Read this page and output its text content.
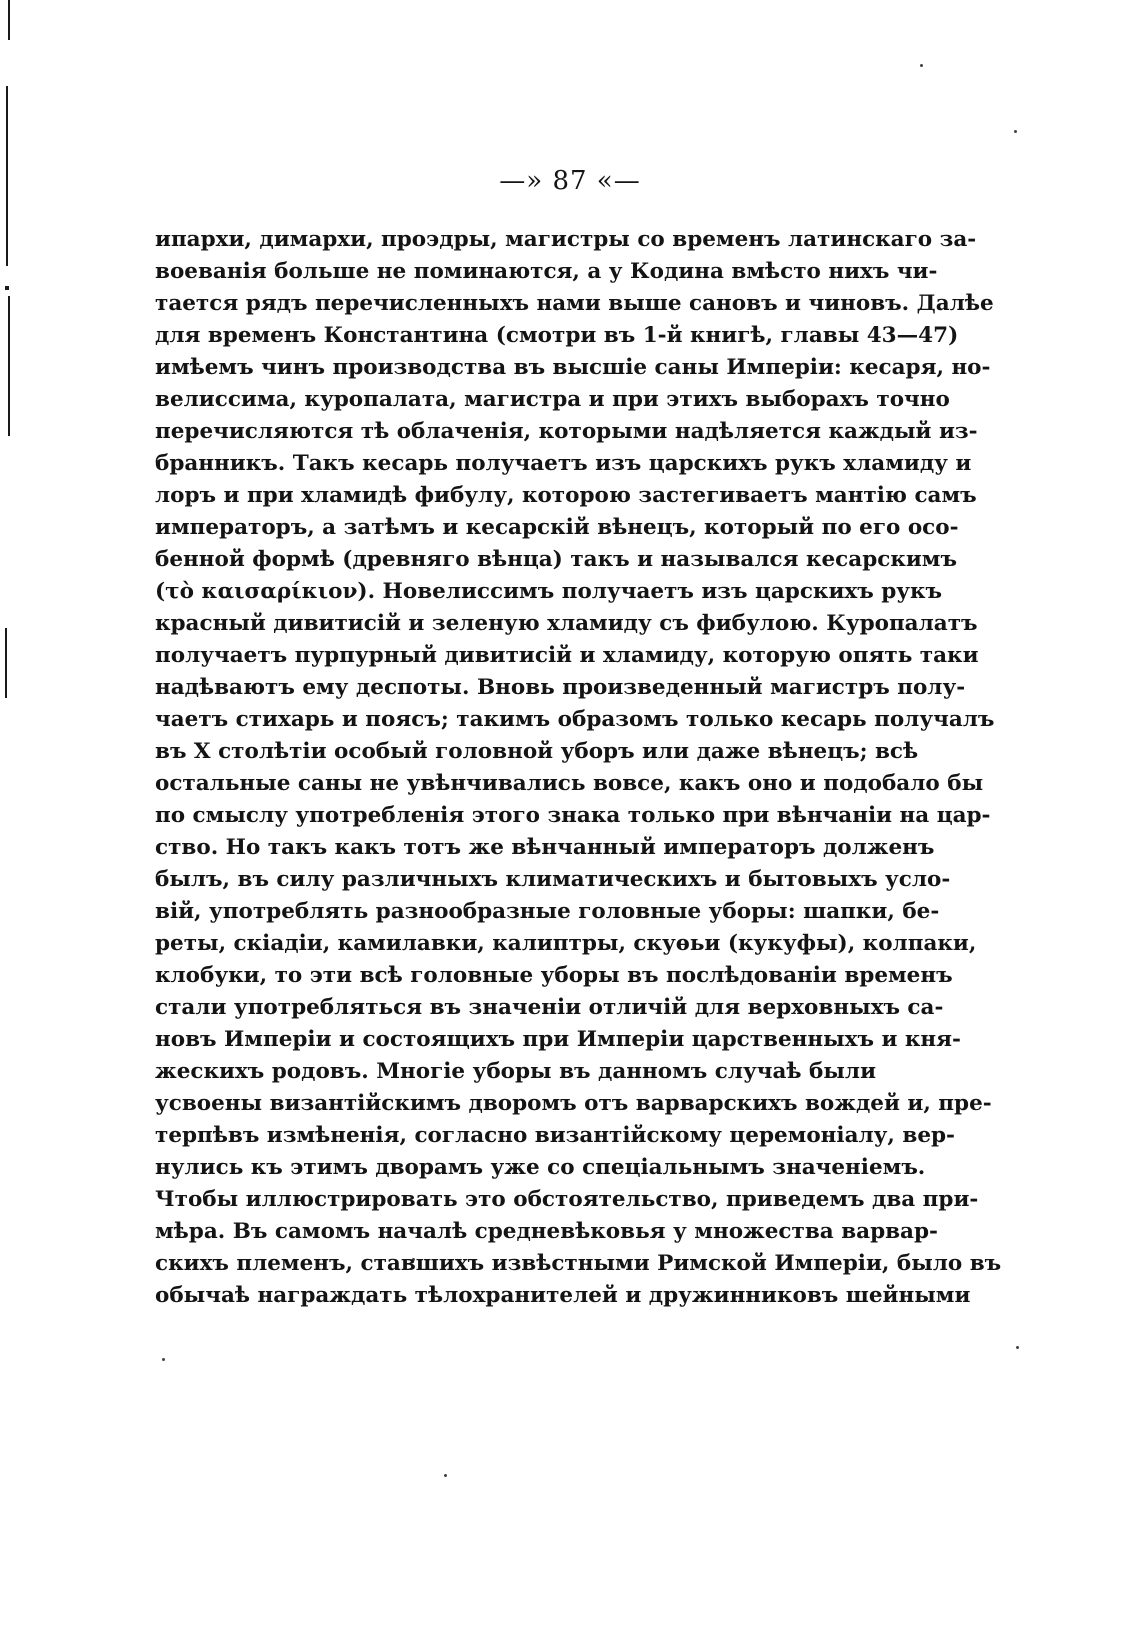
—» 87 «—
ипархи, димархи, проэдры, магистры со временъ латинскаго за-
воеванія больше не поминаются, а у Кодина вмѣсто нихъ чи-
тается рядъ перечисленныхъ нами выше сановъ и чиновъ. Далѣе
для временъ Константина (смотри въ 1-й книгѣ, главы 43—47)
имѣемъ чинъ производства въ высшіе саны Имперіи: кесаря, но-
велиссима, куропалата, магистра и при этихъ выборахъ точно
перечисляются тѣ облаченія, которыми надѣляется каждый из-
бранникъ. Такъ кесарь получаетъ изъ царскихъ рукъ хламиду и
лоръ и при хламидѣ фибулу, которою застегиваетъ мантію самъ
императоръ, а затѣмъ и кесарскій вѣнецъ, который по его осо-
бенной формѣ (древняго вѣнца) такъ и назывался кесарскимъ
(τὸ καισαρίκιον). Новелиссимъ получаетъ изъ царскихъ рукъ
красный дивитисій и зеленую хламиду съ фибулою. Куропалатъ
получаетъ пурпурный дивитисій и хламиду, которую опять таки
надѣваютъ ему деспоты. Вновь произведенный магистръ полу-
чаетъ стихарь и поясъ; такимъ образомъ только кесарь получалъ
въ X столѣтіи особый головной уборъ или даже вѣнецъ; всѣ
остальные саны не увѣнчивались вовсе, какъ оно и подобало бы
по смыслу употребленія этого знака только при вѣнчаніи на цар-
ство. Но такъ какъ тотъ же вѣнчанный императоръ долженъ
былъ, въ силу различныхъ климатическихъ и бытовыхъ усло-
вій, употреблять разнообразные головные уборы: шапки, бе-
реты, скіадіи, камилавки, калиптры, скуѳьи (кукуфы), колпаки,
клобуки, то эти всѣ головные уборы въ послѣдованіи временъ
стали употребляться въ значеніи отличій для верховныхъ са-
новъ Имперіи и состоящихъ при Имперіи царственныхъ и кня-
жескихъ родовъ. Многіе уборы въ данномъ случаѣ были
усвоены византійскимъ дворомъ отъ варварскихъ вождей и, пре-
терпѣвъ измѣненія, согласно византійскому церемоніалу, вер-
нулись къ этимъ дворамъ уже со спеціальнымъ значеніемъ.
Чтобы иллюстрировать это обстоятельство, приведемъ два при-
мѣра. Въ самомъ началѣ средневѣковья у множества варвар-
скихъ племенъ, ставшихъ извѣстными Римской Имперіи, было въ
обычаѣ награждать тѣлохранителей и дружинниковъ шейными
